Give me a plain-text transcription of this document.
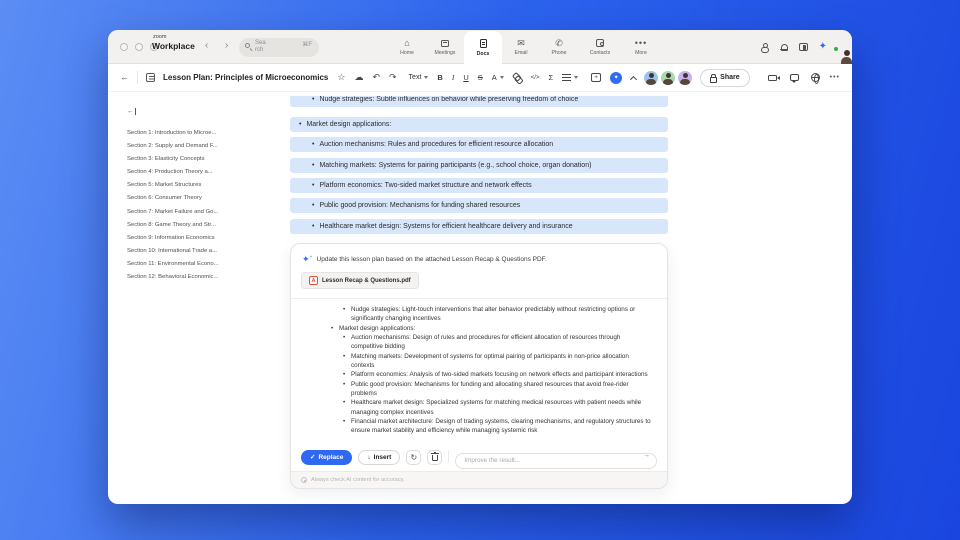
zoom
Workplace ‹ ›	Sea
rch
⌘F	⌂
Home	Meetings	Docs
✉
Email
✆
Phone	Contacts
•••
More
✦
←	Lesson Plan: Principles of Microeconomics ☆ ☁ ↶ ↷ Text B I U S A	</> Σ	+	✦	Share	•••
←
Section 1: Introduction to Microe...
Section 2: Supply and Demand F...
Section 3: Elasticity Concepts
Section 4: Production Theory a...
Section 5: Market Structures
Section 6: Consumer Theory
Section 7: Market Failure and Go...
Section 8: Game Theory and Str...
Section 9: Information Economics
Section 10: International Trade a...
Section 11: Environmental Econo...
Section 12: Behavioral Economic...
• Nudge strategies: Subtle influences on behavior while preserving freedom of choice
• Market design applications:
• Auction mechanisms: Rules and procedures for efficient resource allocation
• Matching markets: Systems for pairing participants (e.g., school choice, organ donation)
• Platform economics: Two-sided market structure and network effects
• Public good provision: Mechanisms for funding shared resources
• Healthcare market design: Systems for efficient healthcare delivery and insurance
✦ ✦ Update this lesson plan based on the attached Lesson Recap & Questions PDF.
A	Lesson Recap & Questions.pdf
• Nudge strategies: Light-touch interventions that alter behavior predictably without restricting options or significantly changing incentives
• Market design applications:
• Auction mechanisms: Design of rules and procedures for efficient allocation of resources through competitive bidding
• Matching markets: Development of systems for optimal pairing of participants in non-price allocation contexts
• Platform economics: Analysis of two-sided markets focusing on network effects and participant interactions
• Public good provision: Mechanisms for funding and allocating shared resources that avoid free-rider problems
• Healthcare market design: Specialized systems for matching medical resources with patient needs while managing complex incentives
• Financial market architecture: Design of trading systems, clearing mechanisms, and regulatory structures to ensure market stability and efficiency while managing systemic risk
✓ Replace	↓ Insert ↻
Improve the result...	→
Always check AI content for accuracy.
